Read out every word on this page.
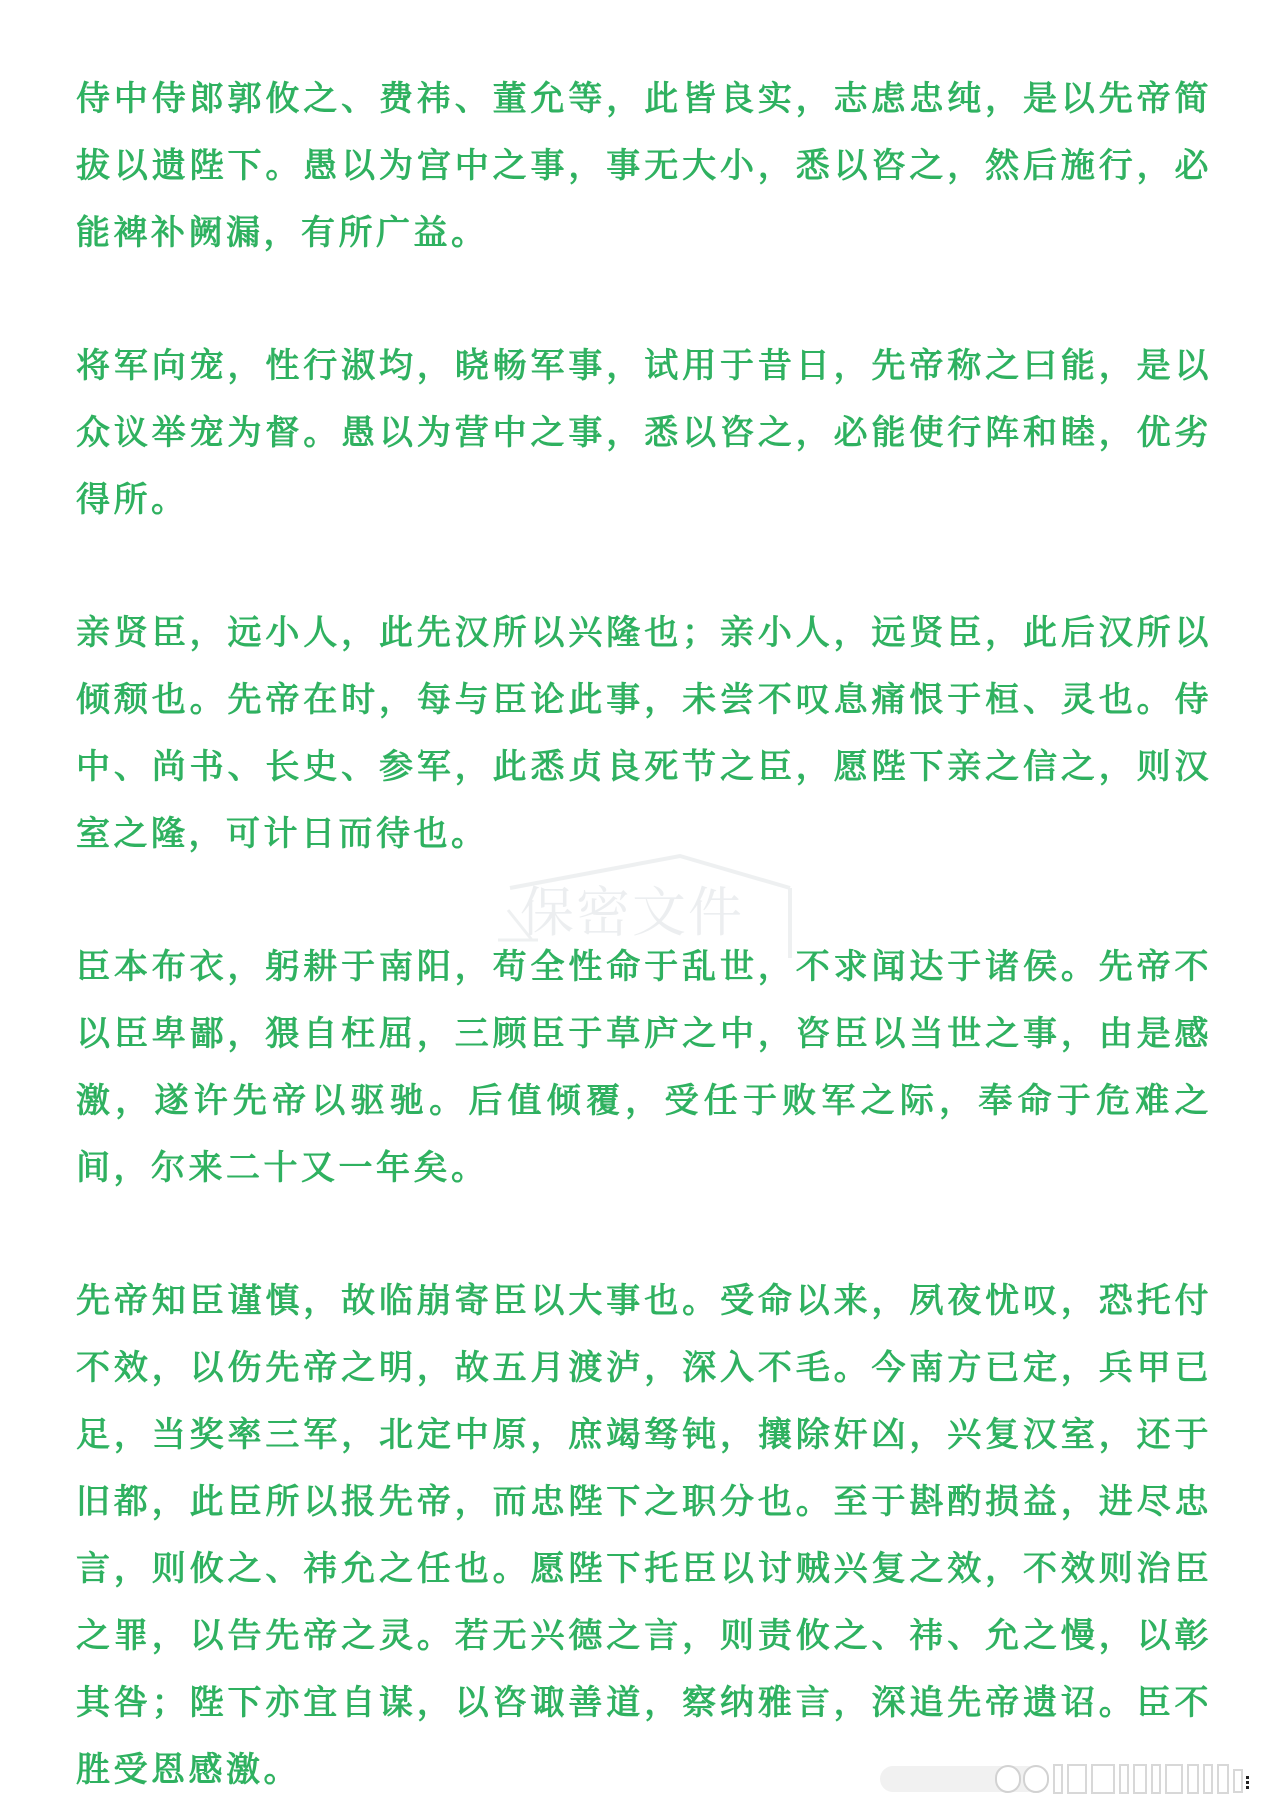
侍中侍郎郭攸之、费祎、董允等，此皆良实，志虑忠纯，是以先帝简拔以遗陛下。愚以为宫中之事，事无大小，悉以咨之，然后施行，必能裨补阙漏，有所广益。

将军向宠，性行淑均，晓畅军事，试用于昔日，先帝称之曰能，是以众议举宠为督。愚以为营中之事，悉以咨之，必能使行阵和睦，优劣得所。

亲贤臣，远小人，此先汉所以兴隆也；亲小人，远贤臣，此后汉所以倾颓也。先帝在时，每与臣论此事，未尝不叹息痛恨于桓、灵也。侍中、尚书、长史、参军，此悉贞良死节之臣，愿陛下亲之信之，则汉室之隆，可计日而待也。

臣本布衣，躬耕于南阳，苟全性命于乱世，不求闻达于诸侯。先帝不以臣卑鄙，猥自枉屈，三顾臣于草庐之中，咨臣以当世之事，由是感激，遂许先帝以驱驰。后值倾覆，受任于败军之际，奉命于危难之间，尔来二十又一年矣。

先帝知臣谨慎，故临崩寄臣以大事也。受命以来，夙夜忧叹，恐托付不效，以伤先帝之明，故五月渡泸，深入不毛。今南方已定，兵甲已足，当奖率三军，北定中原，庶竭驽钝，攘除奸凶，兴复汉室，还于旧都，此臣所以报先帝，而忠陛下之职分也。至于斟酌损益，进尽忠言，则攸之、祎允之任也。愿陛下托臣以讨贼兴复之效，不效则治臣之罪，以告先帝之灵。若无兴德之言，则责攸之、祎、允之慢，以彰其咎；陛下亦宜自谋，以咨诹善道，察纳雅言，深追先帝遗诏。臣不胜受恩感激。

保密文件
